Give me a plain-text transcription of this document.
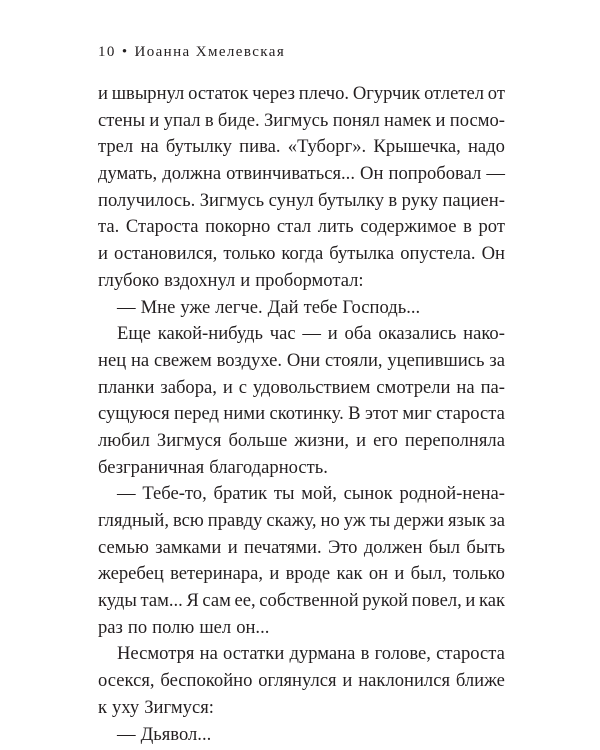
10 • Иоанна Хмелевская
и швырнул остаток через плечо. Огурчик отлетел от
стены и упал в биде. Зигмусь понял намек и посмо-
трел на бутылку пива. «Туборг». Крышечка, надо
думать, должна отвинчиваться... Он попробовал —
получилось. Зигмусь сунул бутылку в руку пациен-
та. Староста покорно стал лить содержимое в рот
и остановился, только когда бутылка опустела. Он
глубоко вздохнул и пробормотал:
— Мне уже легче. Дай тебе Господь...
Еще какой-нибудь час — и оба оказались нако-
нец на свежем воздухе. Они стояли, уцепившись за
планки забора, и с удовольствием смотрели на па-
сущуюся перед ними скотинку. В этот миг староста
любил Зигмуся больше жизни, и его переполняла
безграничная благодарность.
— Тебе-то, братик ты мой, сынок родной-нена-
глядный, всю правду скажу, но уж ты держи язык за
семью замками и печатями. Это должен был быть
жеребец ветеринара, и вроде как он и был, только
куды там... Я сам ее, собственной рукой повел, и как
раз по полю шел он...
Несмотря на остатки дурмана в голове, староста
осекся, беспокойно оглянулся и наклонился ближе
к уху Зигмуся:
— Дьявол...
